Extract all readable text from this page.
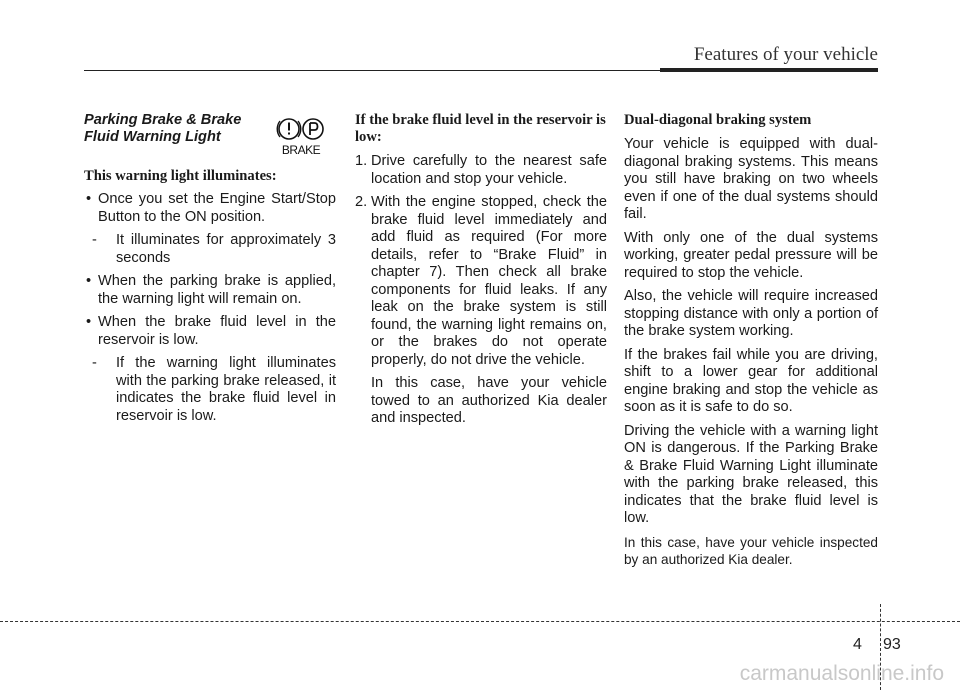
Features of your vehicle

Parking Brake & Brake
Fluid Warning Light

This warning light illuminates:

• Once you set the Engine Start/Stop Button to the ON position.

- It illuminates for approximately 3 seconds

• When the parking brake is applied, the warning light will remain on.

• When the brake fluid level in the reservoir is low.

- If the warning light illuminates with the parking brake released, it indicates the brake fluid level in reservoir is low.

BRAKE

If the brake fluid level in the reservoir is low:

1. Drive carefully to the nearest safe location and stop your vehicle.

2. With the engine stopped, check the brake fluid level immediately and add fluid as required (For more details, refer to “Brake Fluid” in chapter 7). Then check all brake components for fluid leaks. If any leak on the brake system is still found, the warning light remains on, or the brakes do not operate properly, do not drive the vehicle.

In this case, have your vehicle towed to an authorized Kia dealer and inspected.

Dual-diagonal braking system

Your vehicle is equipped with dual-diagonal braking systems. This means you still have braking on two wheels even if one of the dual systems should fail.

With only one of the dual systems working, greater pedal pressure will be required to stop the vehicle.

Also, the vehicle will require increased stopping distance with only a portion of the brake system working.

If the brakes fail while you are driving, shift to a lower gear for additional engine braking and stop the vehicle as soon as it is safe to do so.

Driving the vehicle with a warning light ON is dangerous. If the Parking Brake & Brake Fluid Warning Light illuminate with the parking brake released, this indicates that the brake fluid level is low.

In this case, have your vehicle inspected by an authorized Kia dealer.

4 93
carmanualsonline.info
